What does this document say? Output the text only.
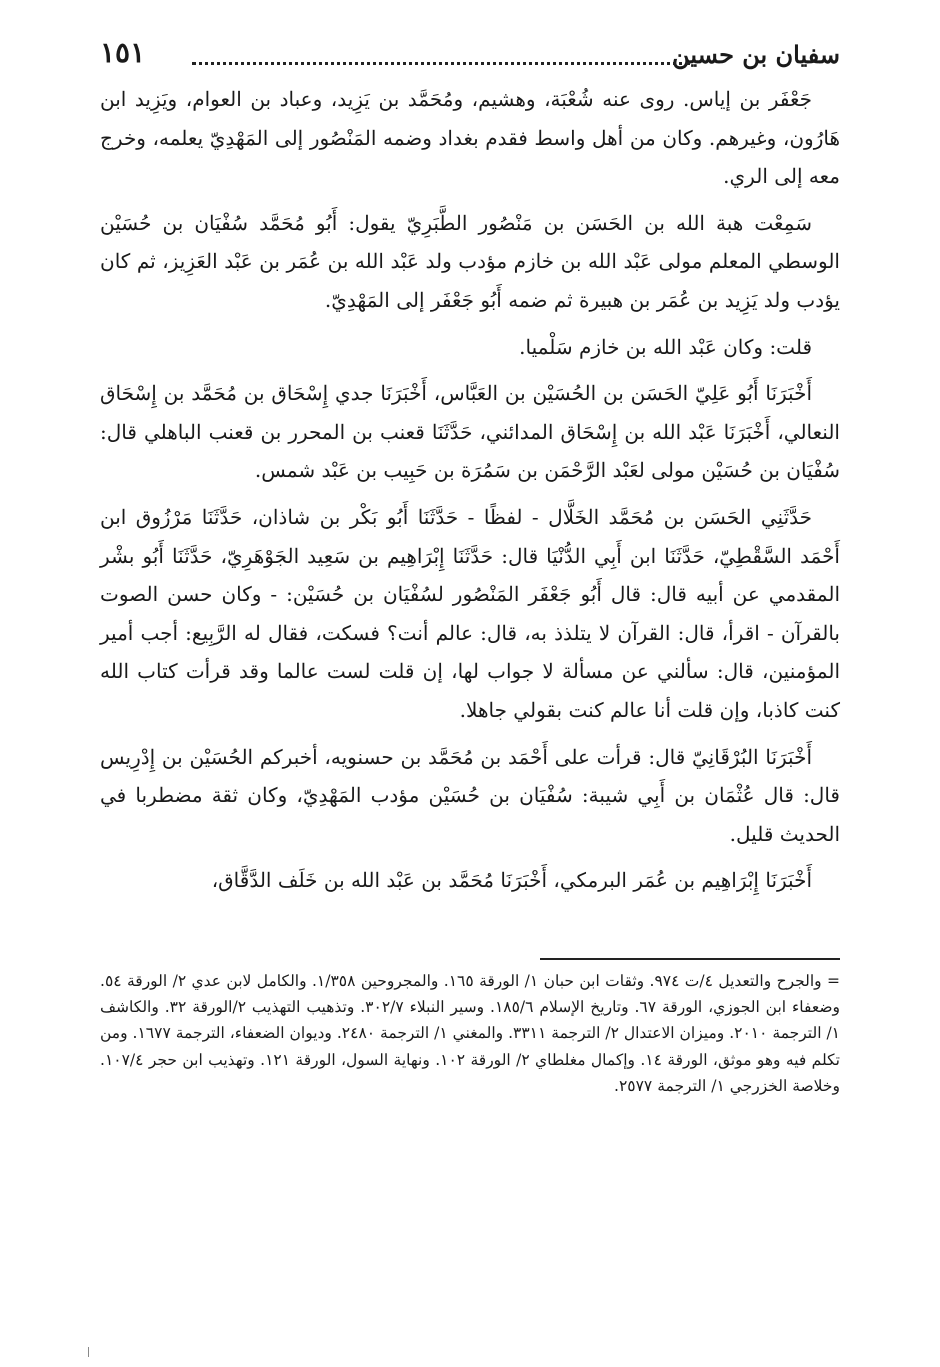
سفيان بن حسين
١٥١

جَعْفَر بن إياس. روى عنه شُعْبَة، وهشيم، ومُحَمَّد بن يَزِيد، وعباد بن العوام، ويَزِيد ابن هَارُون، وغيرهم. وكان من أهل واسط فقدم بغداد وضمه المَنْصُور إلى المَهْدِيّ يعلمه، وخرج معه إلى الري.

سَمِعْت هبة الله بن الحَسَن بن مَنْصُور الطَّبَرِيّ يقول: أَبُو مُحَمَّد سُفْيَان بن حُسَيْن الوسطي المعلم مولى عَبْد الله بن خازم مؤدب ولد عَبْد الله بن عُمَر بن عَبْد العَزِيز، ثم كان يؤدب ولد يَزِيد بن عُمَر بن هبيرة ثم ضمه أَبُو جَعْفَر إلى المَهْدِيّ.

قلت: وكان عَبْد الله بن خازم سَلْميا.

أَخْبَرَنَا أَبُو عَلِيّ الحَسَن بن الحُسَيْن بن العَبَّاس، أَخْبَرَنَا جدي إِسْحَاق بن مُحَمَّد بن إِسْحَاق النعالي، أَخْبَرَنَا عَبْد الله بن إِسْحَاق المدائني، حَدَّثَنَا قعنب بن المحرر بن قعنب الباهلي قال: سُفْيَان بن حُسَيْن مولى لعَبْد الرَّحْمَن بن سَمُرَة بن حَبِيب بن عَبْد شمس.

حَدَّثَنِي الحَسَن بن مُحَمَّد الخَلَّال - لفظًا - حَدَّثَنَا أَبُو بَكْر بن شاذان، حَدَّثَنَا مَرْزُوق ابن أَحْمَد السَّقْطِيّ، حَدَّثَنَا ابن أَبِي الدُّنْيَا قال: حَدَّثَنَا إِبْرَاهِيم بن سَعِيد الجَوْهَرِيّ، حَدَّثَنَا أَبُو بشْر المقدمي عن أبيه قال: قال أَبُو جَعْفَر المَنْصُور لسُفْيَان بن حُسَيْن: - وكان حسن الصوت بالقرآن - اقرأ، قال: القرآن لا يتلذذ به، قال: عالم أنت؟ فسكت، فقال له الرَّبِيع: أجب أمير المؤمنين، قال: سألني عن مسألة لا جواب لها، إن قلت لست عالما وقد قرأت كتاب الله كنت كاذبا، وإن قلت أنا عالم كنت بقولي جاهلا.

أَخْبَرَنَا البُرْقَانِيّ قال: قرأت على أَحْمَد بن مُحَمَّد بن حسنويه، أخبركم الحُسَيْن بن إِدْرِيس قال: قال عُثْمَان بن أَبِي شيبة: سُفْيَان بن حُسَيْن مؤدب المَهْدِيّ، وكان ثقة مضطربا في الحديث قليل.

أَخْبَرَنَا إِبْرَاهِيم بن عُمَر البرمكي، أَخْبَرَنَا مُحَمَّد بن عَبْد الله بن خَلَف الدَّقَّاق،

= والجرح والتعديل ٤/ت ٩٧٤. وثقات ابن حبان ١/ الورقة ١٦٥. والمجروحين ١/٣٥٨. والكامل لابن عدي ٢/ الورقة ٥٤. وضعفاء ابن الجوزي، الورقة ٦٧. وتاريخ الإسلام ١٨٥/٦. وسير النبلاء ٣٠٢/٧. وتذهيب التهذيب ٢/الورقة ٣٢. والكاشف ١/ الترجمة ٢٠١٠. وميزان الاعتدال ٢/ الترجمة ٣٣١١. والمغني ١/ الترجمة ٢٤٨٠. وديوان الضعفاء، الترجمة ١٦٧٧. ومن تكلم فيه وهو موثق، الورقة ١٤. وإكمال مغلطاي ٢/ الورقة ١٠٢. ونهاية السول، الورقة ١٢١. وتهذيب ابن حجر ١٠٧/٤. وخلاصة الخزرجي ١/ الترجمة ٢٥٧٧.
